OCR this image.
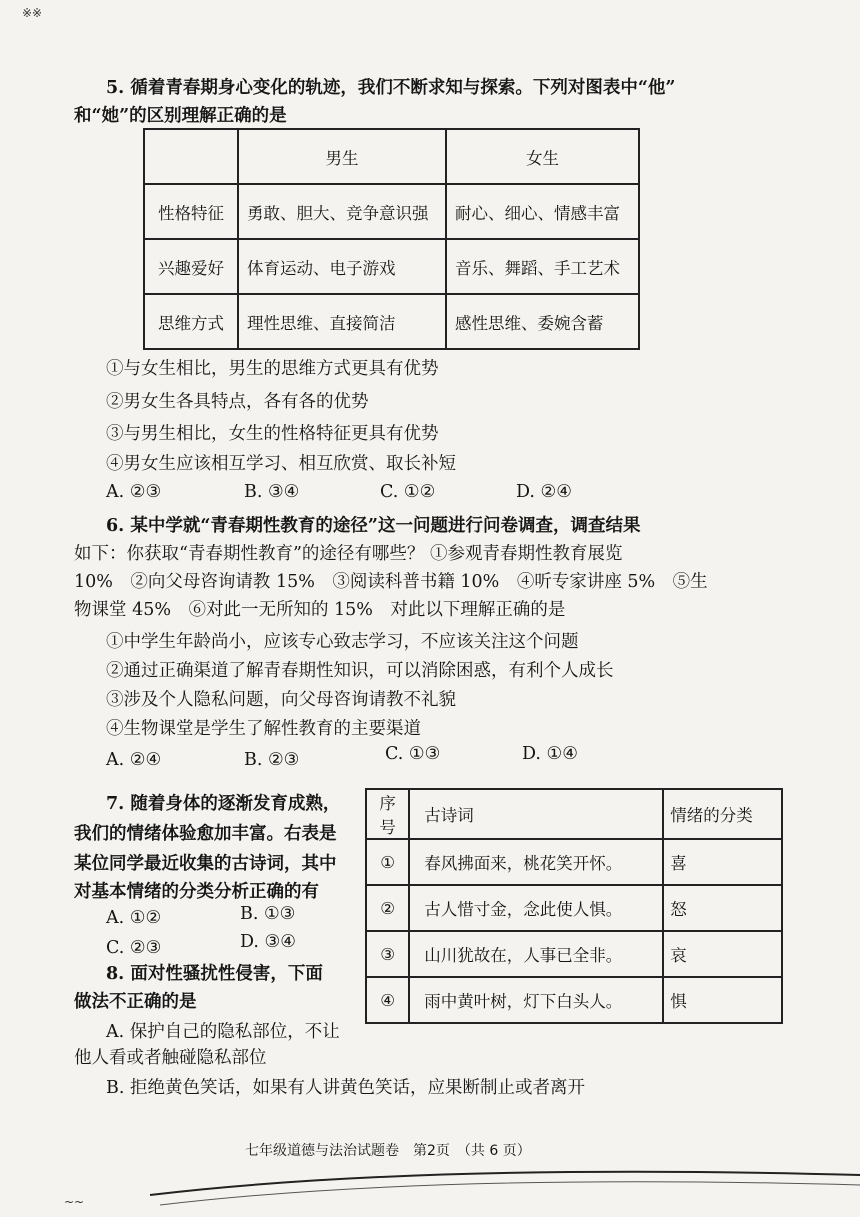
※※
5. 循着青春期身心变化的轨迹，我们不断求知与探索。下列对图表中“他”
和“她”的区别理解正确的是
	男生	女生
性格特征	勇敢、胆大、竞争意识强	耐心、细心、情感丰富
兴趣爱好	体育运动、电子游戏	音乐、舞蹈、手工艺术
思维方式	理性思维、直接简洁	感性思维、委婉含蓄
①与女生相比，男生的思维方式更具有优势
②男女生各具特点，各有各的优势
③与男生相比，女生的性格特征更具有优势
④男女生应该相互学习、相互欣赏、取长补短
A. ②③	B. ③④	C. ①②	D. ②④
6. 某中学就“青春期性教育的途径”这一问题进行问卷调查，调查结果
如下：你获取“青春期性教育”的途径有哪些？ ①参观青春期性教育展览
10%　②向父母咨询请教 15%　③阅读科普书籍 10%　④听专家讲座 5%　⑤生
物课堂 45%　⑥对此一无所知的 15%　对此以下理解正确的是
①中学生年龄尚小，应该专心致志学习，不应该关注这个问题
②通过正确渠道了解青春期性知识，可以消除困惑，有利个人成长
③涉及个人隐私问题，向父母咨询请教不礼貌
④生物课堂是学生了解性教育的主要渠道
A. ②④	B. ②③	C. ①③	D. ①④
7. 随着身体的逐渐发育成熟，
我们的情绪体验愈加丰富。右表是
某位同学最近收集的古诗词，其中
对基本情绪的分类分析正确的有
A. ①②	B. ①③
C. ②③	D. ③④
序号	古诗词	情绪的分类
①	春风拂面来，桃花笑开怀。	喜
②	古人惜寸金，念此使人惧。	怒
③	山川犹故在，人事已全非。	哀
④	雨中黄叶树，灯下白头人。	惧
8. 面对性骚扰性侵害，下面
做法不正确的是
A. 保护自己的隐私部位，不让
他人看或者触碰隐私部位
B. 拒绝黄色笑话，如果有人讲黄色笑话，应果断制止或者离开
七年级道德与法治试题卷　第2页　（共 6 页）
~~
